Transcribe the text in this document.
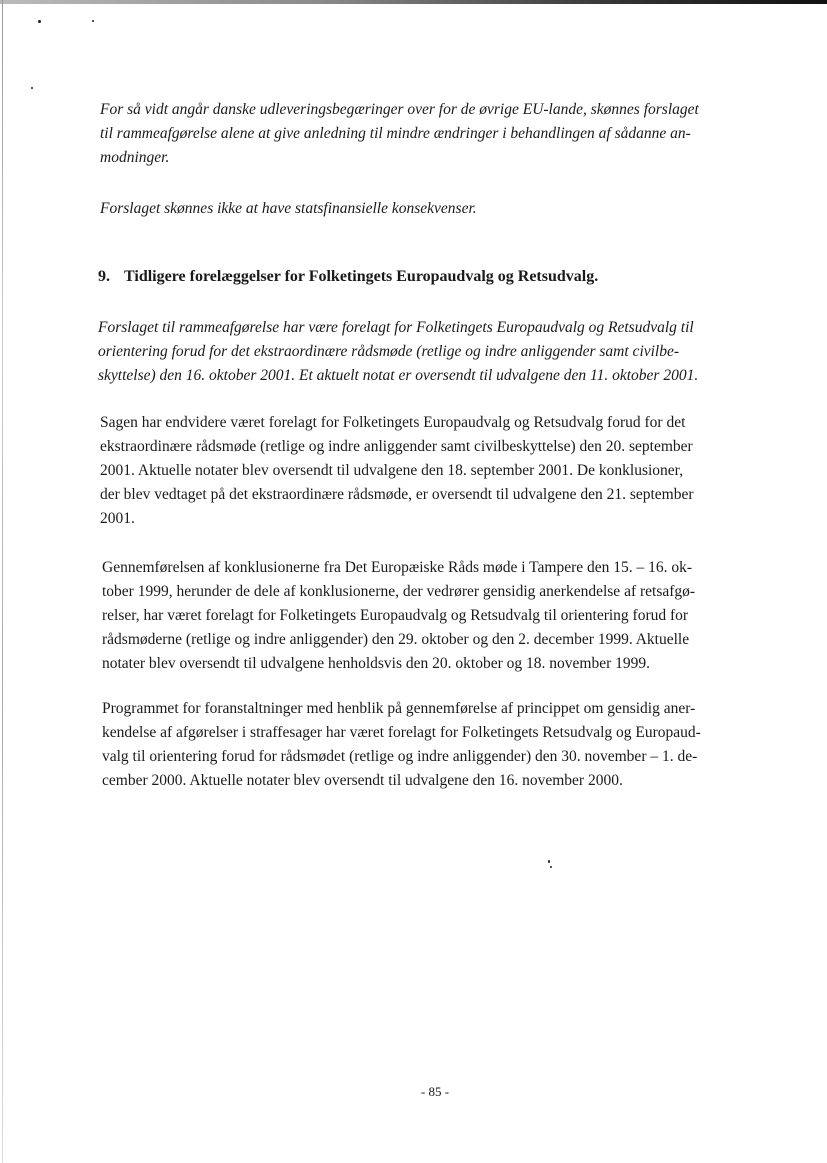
For så vidt angår danske udleveringsbegæringer over for de øvrige EU-lande, skønnes forslaget
til rammeafgørelse alene at give anledning til mindre ændringer i behandlingen af sådanne an-
modninger.

Forslaget skønnes ikke at have statsfinansielle konsekvenser.

9. Tidligere forelæggelser for Folketingets Europaudvalg og Retsudvalg.

Forslaget til rammeafgørelse har være forelagt for Folketingets Europaudvalg og Retsudvalg til
orientering forud for det ekstraordinære rådsmøde (retlige og indre anliggender samt civilbe-
skyttelse) den 16. oktober 2001. Et aktuelt notat er oversendt til udvalgene den 11. oktober 2001.

Sagen har endvidere været forelagt for Folketingets Europaudvalg og Retsudvalg forud for det
ekstraordinære rådsmøde (retlige og indre anliggender samt civilbeskyttelse) den 20. september
2001. Aktuelle notater blev oversendt til udvalgene den 18. september 2001. De konklusioner,
der blev vedtaget på det ekstraordinære rådsmøde, er oversendt til udvalgene den 21. september
2001.

Gennemførelsen af konklusionerne fra Det Europæiske Råds møde i Tampere den 15. – 16. ok-
tober 1999, herunder de dele af konklusionerne, der vedrører gensidig anerkendelse af retsafgø-
relser, har været forelagt for Folketingets Europaudvalg og Retsudvalg til orientering forud for
rådsmøderne (retlige og indre anliggender) den 29. oktober og den 2. december 1999. Aktuelle
notater blev oversendt til udvalgene henholdsvis den 20. oktober og 18. november 1999.

Programmet for foranstaltninger med henblik på gennemførelse af princippet om gensidig aner-
kendelse af afgørelser i straffesager har været forelagt for Folketingets Retsudvalg og Europaud-
valg til orientering forud for rådsmødet (retlige og indre anliggender) den 30. november – 1. de-
cember 2000. Aktuelle notater blev oversendt til udvalgene den 16. november 2000.

- 85 -
